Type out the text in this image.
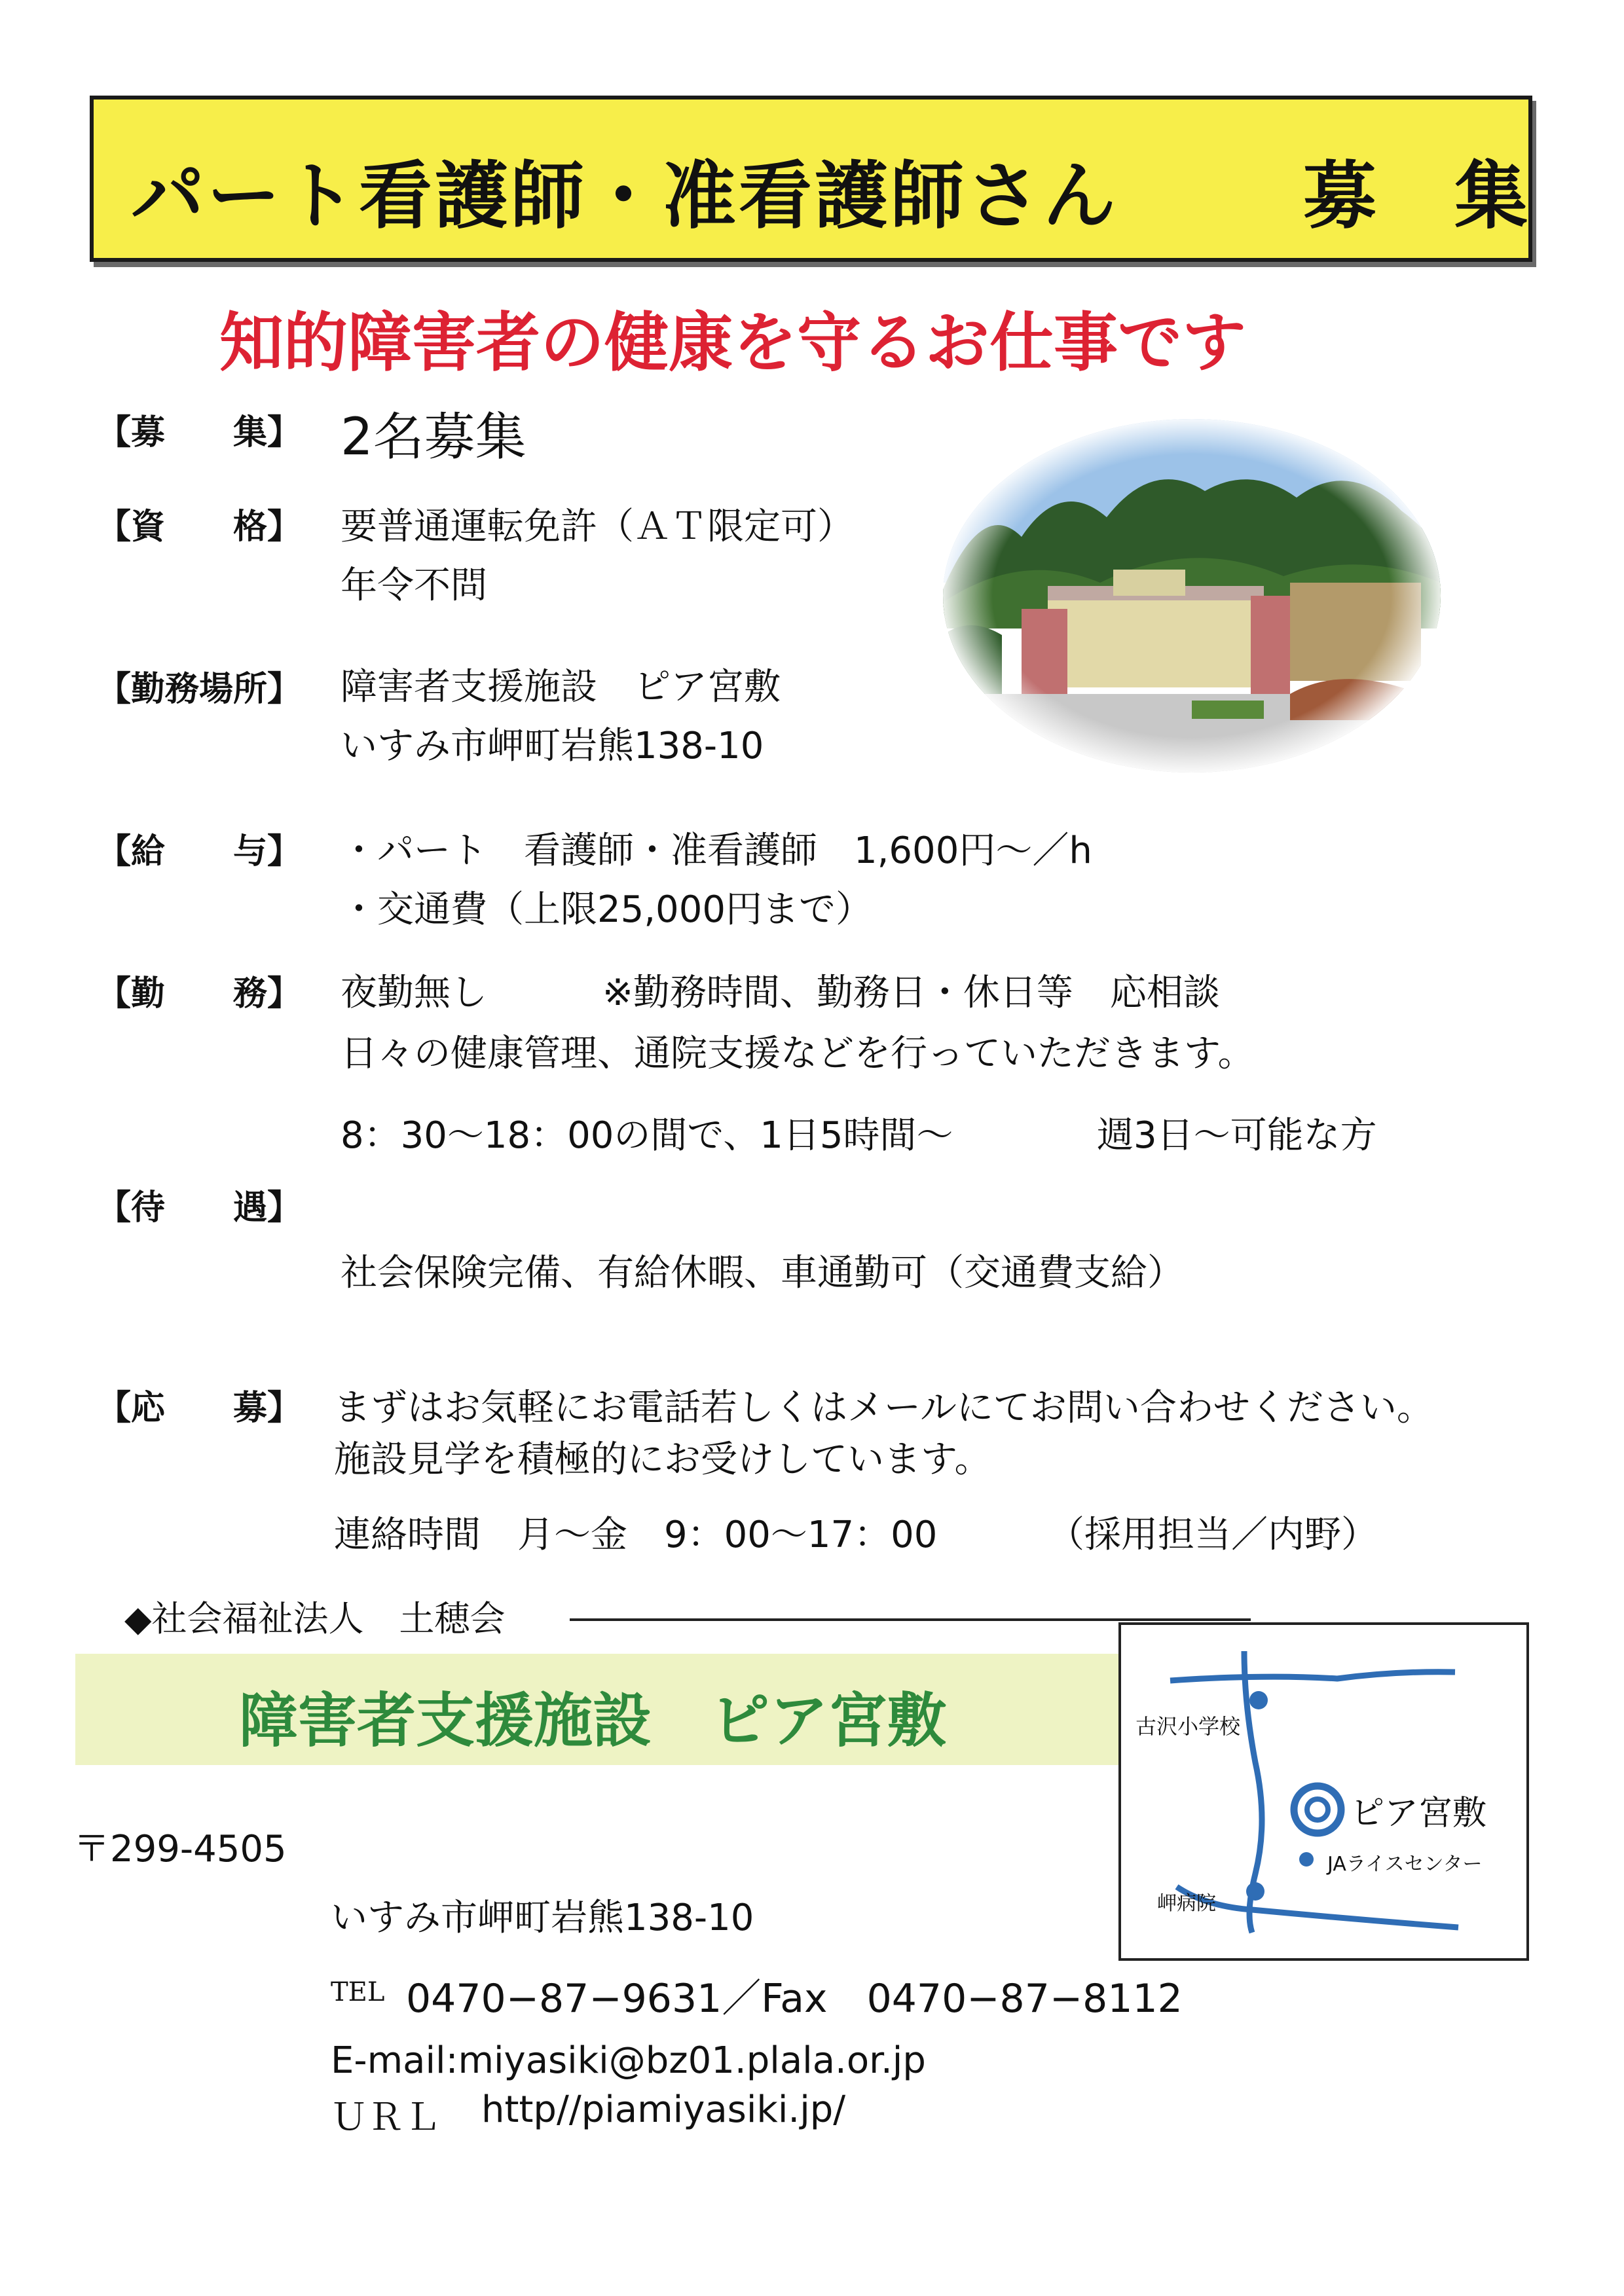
パート看護師・准看護師さん	募 集
知的障害者の健康を守るお仕事です
【募　　集】 2名募集
【資　　格】 要普通運転免許（ＡＴ限定可）
年令不問
【勤務場所】 障害者支援施設　ピア宮敷
いすみ市岬町岩熊138-10
【給　　与】 ・パート　看護師・准看護師　1,600円～／h
・交通費（上限25,000円まで）
【勤　　務】 夜勤無し	※勤務時間、勤務日・休日等　応相談
日々の健康管理、通院支援などを行っていただきます。
8：30～18：00の間で、1日5時間～	週3日～可能な方
【待　　遇】
社会保険完備、有給休暇、車通勤可（交通費支給）
【応　　募】 まずはお気軽にお電話若しくはメールにてお問い合わせください。
施設見学を積極的にお受けしています。
連絡時間　月～金　9：00～17：00	（採用担当／内野）
◆社会福祉法人　土穂会
障害者支援施設　ピア宮敷
〒299-4505
いすみ市岬町岩熊138-10
TEL 0470−87−9631／Fax　0470−87−8112
E-mail:miyasiki@bz01.plala.or.jp
ＵＲＬ http//piamiyasiki.jp/
古沢小学校
ピア宮敷
JAライスセンター
岬病院
